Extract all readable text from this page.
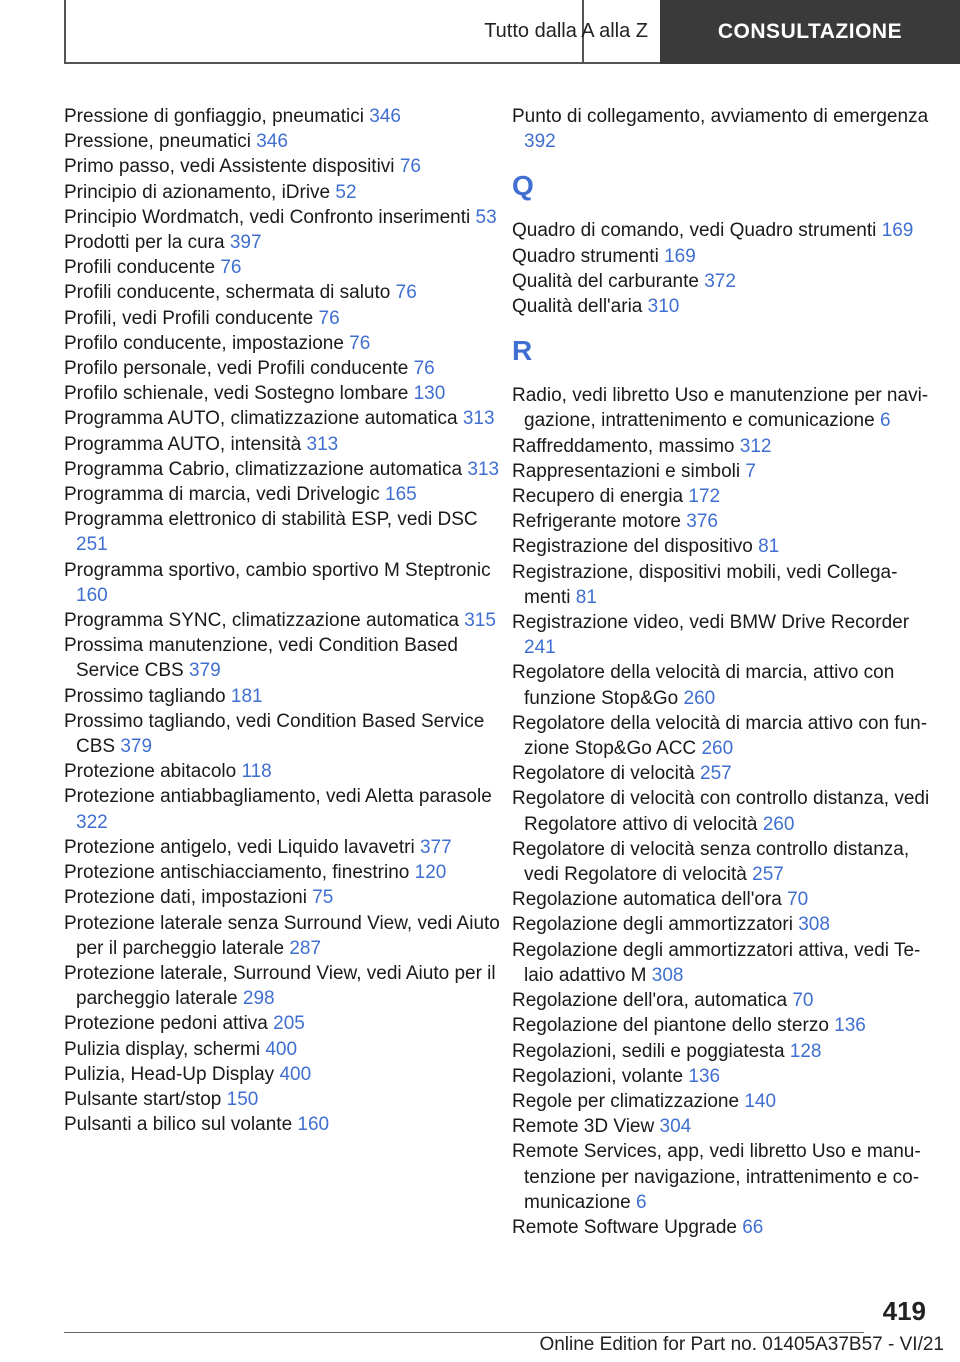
Tutto dalla A alla Z	CONSULTAZIONE
Pressione di gonfiaggio, pneumatici 346
Pressione, pneumatici 346
Primo passo, vedi Assistente dispositivi 76
Principio di azionamento, iDrive 52
Principio Wordmatch, vedi Confronto inserimenti 53
Prodotti per la cura 397
Profili conducente 76
Profili conducente, schermata di saluto 76
Profili, vedi Profili conducente 76
Profilo conducente, impostazione 76
Profilo personale, vedi Profili conducente 76
Profilo schienale, vedi Sostegno lombare 130
Programma AUTO, climatizzazione automatica 313
Programma AUTO, intensità 313
Programma Cabrio, climatizzazione automatica 313
Programma di marcia, vedi Drivelogic 165
Programma elettronico di stabilità ESP, vedi DSC 251
Programma sportivo, cambio sportivo M Steptronic 160
Programma SYNC, climatizzazione automatica 315
Prossima manutenzione, vedi Condition Based Service CBS 379
Prossimo tagliando 181
Prossimo tagliando, vedi Condition Based Service CBS 379
Protezione abitacolo 118
Protezione antiabbagliamento, vedi Aletta parasole 322
Protezione antigelo, vedi Liquido lavavetri 377
Protezione antischiacciamento, finestrino 120
Protezione dati, impostazioni 75
Protezione laterale senza Surround View, vedi Aiuto per il parcheggio laterale 287
Protezione laterale, Surround View, vedi Aiuto per il parcheggio laterale 298
Protezione pedoni attiva 205
Pulizia display, schermi 400
Pulizia, Head-Up Display 400
Pulsante start/stop 150
Pulsanti a bilico sul volante 160
Punto di collegamento, avviamento di emergenza 392
Q
Quadro di comando, vedi Quadro strumenti 169
Quadro strumenti 169
Qualità del carburante 372
Qualità dell'aria 310
R
Radio, vedi libretto Uso e manutenzione per navigazione, intrattenimento e comunicazione 6
Raffreddamento, massimo 312
Rappresentazioni e simboli 7
Recupero di energia 172
Refrigerante motore 376
Registrazione del dispositivo 81
Registrazione, dispositivi mobili, vedi Collegamenti 81
Registrazione video, vedi BMW Drive Recorder 241
Regolatore della velocità di marcia, attivo con funzione Stop&Go 260
Regolatore della velocità di marcia attivo con funzione Stop&Go ACC 260
Regolatore di velocità 257
Regolatore di velocità con controllo distanza, vedi Regolatore attivo di velocità 260
Regolatore di velocità senza controllo distanza, vedi Regolatore di velocità 257
Regolazione automatica dell'ora 70
Regolazione degli ammortizzatori 308
Regolazione degli ammortizzatori attiva, vedi Telaio adattivo M 308
Regolazione dell'ora, automatica 70
Regolazione del piantone dello sterzo 136
Regolazioni, sedili e poggiatesta 128
Regolazioni, volante 136
Regole per climatizzazione 140
Remote 3D View 304
Remote Services, app, vedi libretto Uso e manutenzione per navigazione, intrattenimento e comunicazione 6
Remote Software Upgrade 66
419
Online Edition for Part no. 01405A37B57 - VI/21
